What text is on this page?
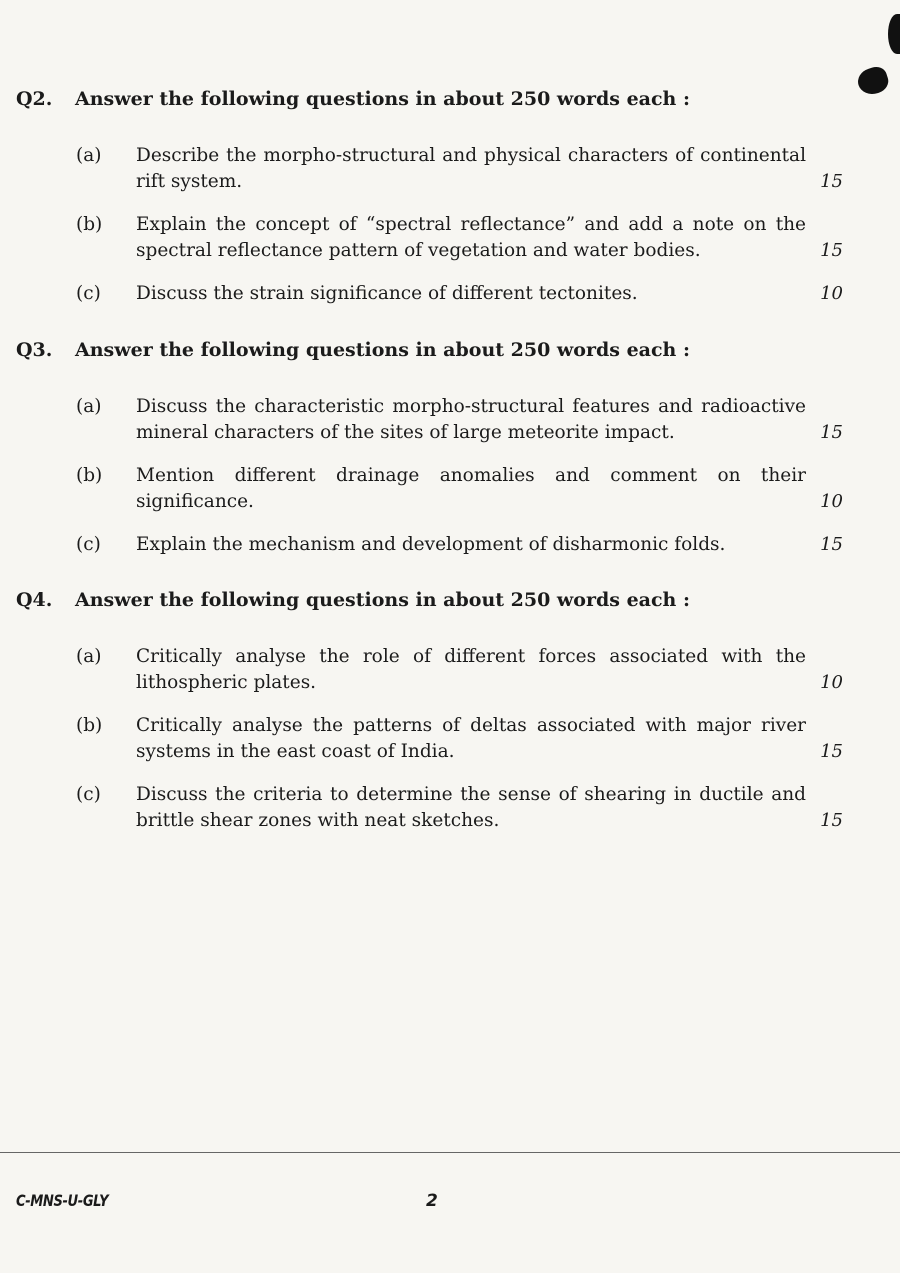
Q2. Answer the following questions in about 250 words each :
(a) Describe the morpho-structural and physical characters of continental rift system.	15
(b) Explain the concept of “spectral reflectance” and add a note on the spectral reflectance pattern of vegetation and water bodies.	15
(c) Discuss the strain significance of different tectonites.	10
Q3. Answer the following questions in about 250 words each :
(a) Discuss the characteristic morpho-structural features and radioactive mineral characters of the sites of large meteorite impact.	15
(b) Mention different drainage anomalies and comment on their significance.	10
(c) Explain the mechanism and development of disharmonic folds.	15
Q4. Answer the following questions in about 250 words each :
(a) Critically analyse the role of different forces associated with the lithospheric plates.	10
(b) Critically analyse the patterns of deltas associated with major river systems in the east coast of India.	15
(c) Discuss the criteria to determine the sense of shearing in ductile and brittle shear zones with neat sketches.	15
C-MNS-U-GLY	2
